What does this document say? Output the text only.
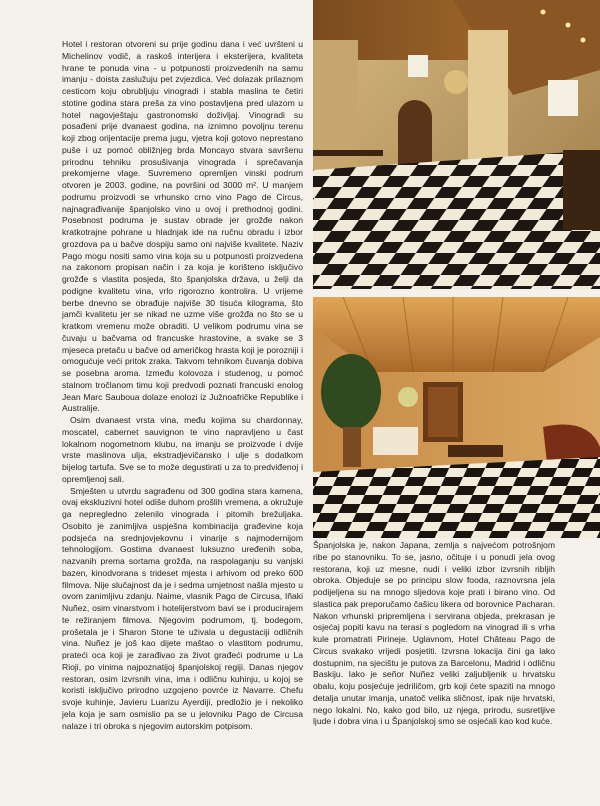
Hotel i restoran otvoreni su prije godinu dana i već uvršteni u Michelinov vodič, a raskoš interijera i eksterijera, kvaliteta hrane te ponuda vina - u potpunosti proizvedenih na samu imanju - doista zaslužuju pet zvjezdica. Već dolazak prilaznom cesticom koju obrubljuju vinogradi i stabla maslina te četiri stotine godina stara preša za vino postavljena pred ulazom u hotel nagovještaju gastronomski doživljaj. Vinogradi su posađeni prije dvanaest godina, na iznimno povoljnu terenu koji zbog orijentacije prema jugu, vjetra koji gotovo neprestano puše i uz pomoć obližnjeg brda Moncayo stvara savršenu prirodnu tehniku prosušivanja vinograda i sprečavanja prekomjerne vlage. Suvremeno opremljen vinski podrum otvoren je 2003. godine, na površini od 3000 m². U manjem podrumu proizvodi se vrhunsko crno vino Pago de Circus, najnagrađivanije španjolsko vino u ovoj i prethodnoj godini. Posebnost podruma je sustav obrade jer grožđe nakon kratkotrajne pohrane u hladnjak ide na ručnu obradu i izbor grozdova pa u bačve dospiju samo oni najviše kvalitete. Naziv Pago mogu nositi samo vina koja su u potpunosti proizvedena na zakonom propisan način i za koja je korišteno isključivo grožđe s vlastita posjeda, što španjolska država, u želji da podigne kvalitetu vina, vrlo rigorozno kontrolira. U vrijeme berbe dnevno se obrađuje najviše 30 tisuća kilograma, što jamči kvalitetu jer se nikad ne uzme više grožđa no što se u kratkom vremenu može obraditi. U velikom podrumu vina se čuvaju u bačvama od francuske hrastovine, a svake se 3 mjeseca pretaču u bačve od američkog hrasta koji je porozniji i omogućuje veći pritok zraka. Takvom tehnikom čuvanja dobiva se posebna aroma. Između kolovoza i studenog, u pomoć stalnom tročlanom timu koji predvodi poznati francuski enolog Jean Marc Saubouа dolaze enolozi iz Južnoafričke Republike i Australije.

Osim dvanaest vrsta vina, među kojima su chardonnay, moscatel, cabernet sauvignon te vino napravljeno u čast lokalnom nogometnom klubu, na imanju se proizvode i dvije vrste maslinova ulja, ekstradjevičansko i ulje s dodatkom bijelog tartufa. Sve se to može degustirati u za to predviđenoj i opremljenoj sali.

Smješten u utvrdu sagrađenu od 300 godina stara kamena, ovaj ekskluzivni hotel odiše duhom prošlih vremena, a okružuje ga nepregledno zelenilo vinograda i pitomih brežuljaka. Osobito je zanimljiva uspješna kombinacija građevine koja podsjeća na srednjovjekovnu i vinarije s najmodernijom tehnologijom. Gostima dvanaest luksuzno uređenih soba, nazvanih prema sortama grožđa, na raspolaganju su vanjski bazen, kinodvorana s trideset mjesta i arhivom od preko 600 filmova. Nije slučajnost da je i sedma umjetnost našla mjesto u ovom zanimljivu zdanju. Naime, vlasnik Pago de Circusa, Iñaki Nuñez, osim vinarstvom i hotelijerstvom bavi se i producirajem te režiranjem filmova. Njegovim podrumom, tj. bodegom, prošetala je i Sharon Stone te uživala u degustaciji odličnih vina. Nuñez je još kao dijete maštao o vlastitom podrumu, prateći oca koji je zarađivao za život građeći podrume u La Rioji, po vinima najpoznatijoj španjolskoj regiji. Danas njegov restoran, osim izvrsnih vina, ima i odličnu kuhinju, u kojoj se koristi isključivo prirodno uzgojeno povrće iz Navarre. Chefu svoje kuhinje, Javieru Luarizu Ayerdiji, predložio je i nekoliko jela koja je sam osmislio pa se u jelovniku Pago de Circusa nalaze i tri obroka s njegovim autorskim potpisom.

Španjolska je, nakon Japana, zemlja s najvećom potrošnjom ribe po stanovniku. To se, jasno, očituje i u ponudi jela ovog restorana, koji uz mesne, nudi i veliki izbor izvrsnih ribljih obroka. Objeduje se po principu slow fooda, raznovrsna jela podijeljena su na mnogo sljedova koje prati i birano vino. Od slastica pak preporučamo čašicu likera od borovnice Pacharan. Nakon vrhunski pripremljena i servirana objeda, prekrasan je osjećaj popiti kavu na terasi s pogledom na vinograd ili s vrha kule promatrati Pirineje. Uglavnom, Hotel Château Pago de Circus svakako vrijedi posjetiti. Izvrsna lokacija čini ga lako dostupnim, na sjecištu je putova za Barcelonu, Madrid i odličnu Baskiju. Iako je señor Nuñez veliki zaljubljenik u hrvatsku obalu, koju posjećuje jedriličom, grb koji ćete spaziti na mnogo detalja unutar imanja, unatoč velika sličnost, ipak nije hrvatski, nego lokalni. No, kako god bilo, uz njega, prirodu, susretljive ljude i dobra vina i u Španjolskoj smo se osjećali kao kod kuće.
